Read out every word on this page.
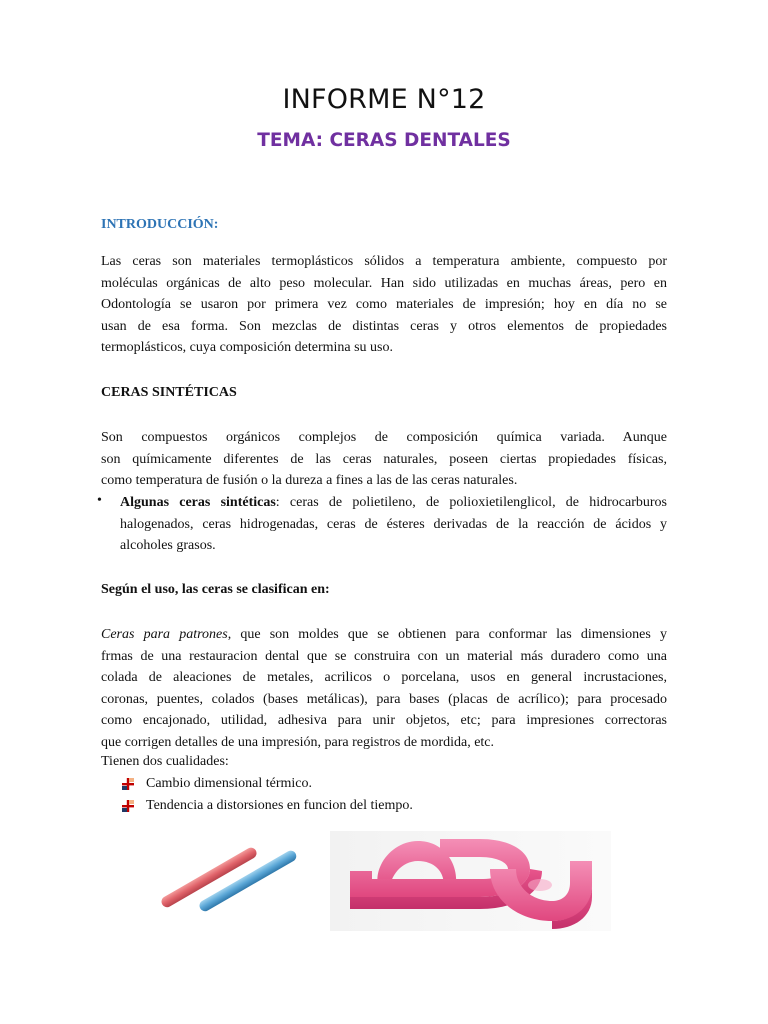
INFORME N°12
TEMA: CERAS DENTALES
INTRODUCCIÓN:
Las ceras son materiales termoplásticos sólidos a temperatura ambiente, compuesto por
moléculas orgánicas de alto peso molecular. Han sido utilizadas en muchas áreas, pero en
Odontología se usaron por primera vez como materiales de impresión; hoy en día no se
usan de esa forma. Son mezclas de distintas ceras y otros elementos de propiedades
termoplásticos, cuya composición determina su uso.
CERAS SINTÉTICAS
Son compuestos orgánicos complejos de composición química variada. Aunque
son químicamente diferentes de las ceras naturales, poseen ciertas propiedades físicas,
como temperatura de fusión o la dureza a fines a las de las ceras naturales.
• Algunas ceras sintéticas: ceras de polietileno, de polioxietilenglicol, de hidrocarburos
halogenados, ceras hidrogenadas, ceras de ésteres derivadas de la reacción de ácidos y
alcoholes grasos.
Según el uso, las ceras se clasifican en:
Ceras para patrones, que son moldes que se obtienen para conformar las dimensiones y
frmas de una restauracion dental que se construira con un material más duradero como una
colada de aleaciones de metales, acrilicos o porcelana, usos en general incrustaciones,
coronas, puentes, colados (bases metálicas), para bases (placas de acrílico); para procesado
como encajonado, utilidad, adhesiva para unir objetos, etc; para impresiones correctoras
que corrigen detalles de una impresión, para registros de mordida, etc.
Tienen dos cualidades:
Cambio dimensional térmico.
Tendencia a distorsiones en funcion del tiempo.
